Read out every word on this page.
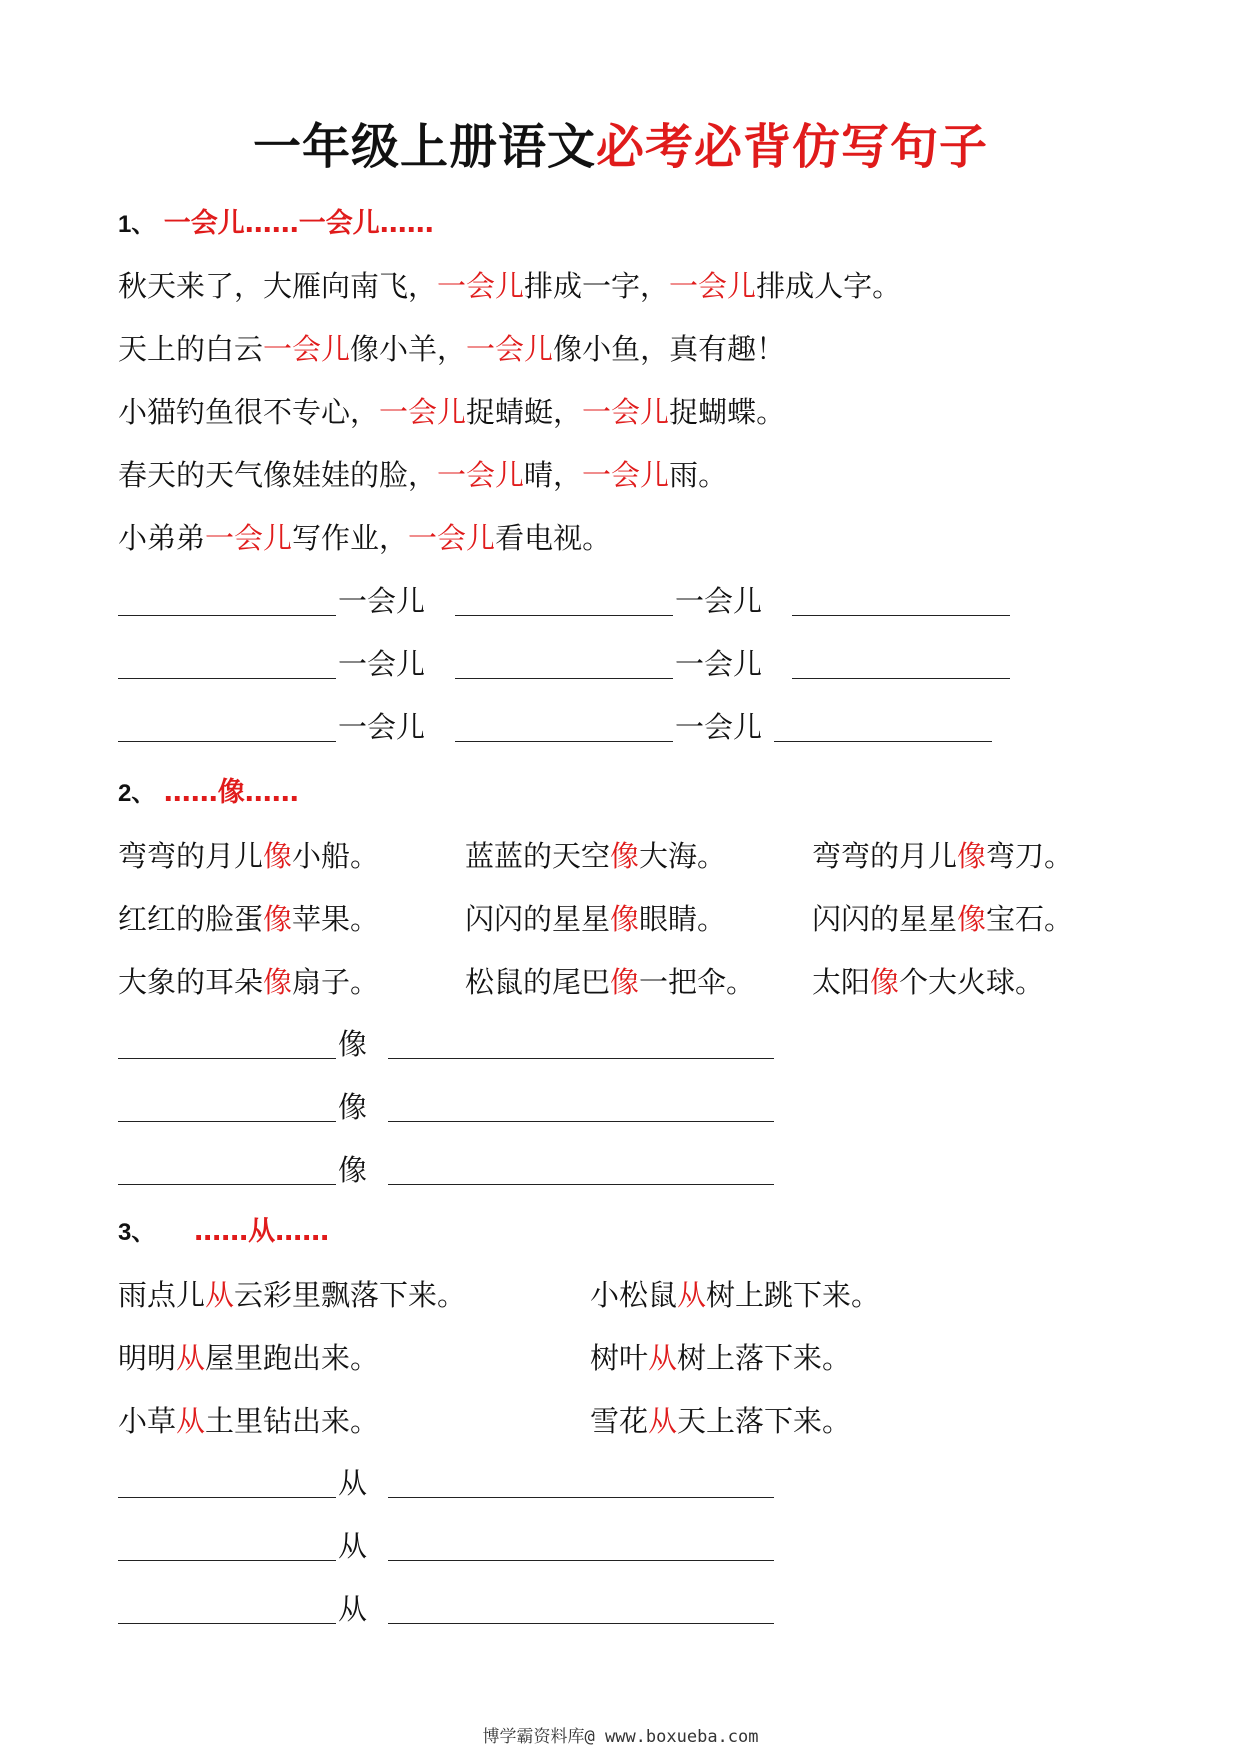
一年级上册语文必考必背仿写句子
1、 一会儿……一会儿……
秋天来了，大雁向南飞，一会儿排成一字，一会儿排成人字。
天上的白云一会儿像小羊，一会儿像小鱼，真有趣！
小猫钓鱼很不专心，一会儿捉蜻蜓，一会儿捉蝴蝶。
春天的天气像娃娃的脸，一会儿晴，一会儿雨。
小弟弟一会儿写作业，一会儿看电视。
一会儿	一会儿
一会儿	一会儿
一会儿	一会儿
2、 ……像……
弯弯的月儿像小船。	蓝蓝的天空像大海。	弯弯的月儿像弯刀。
红红的脸蛋像苹果。	闪闪的星星像眼睛。	闪闪的星星像宝石。
大象的耳朵像扇子。	松鼠的尾巴像一把伞。 太阳像个大火球。
像
像
像
3、 ……从……
雨点儿从云彩里飘落下来。	小松鼠从树上跳下来。
明明从屋里跑出来。	树叶从树上落下来。
小草从土里钻出来。	雪花从天上落下来。
从
从
从
博学霸资料库@ www.boxueba.com
